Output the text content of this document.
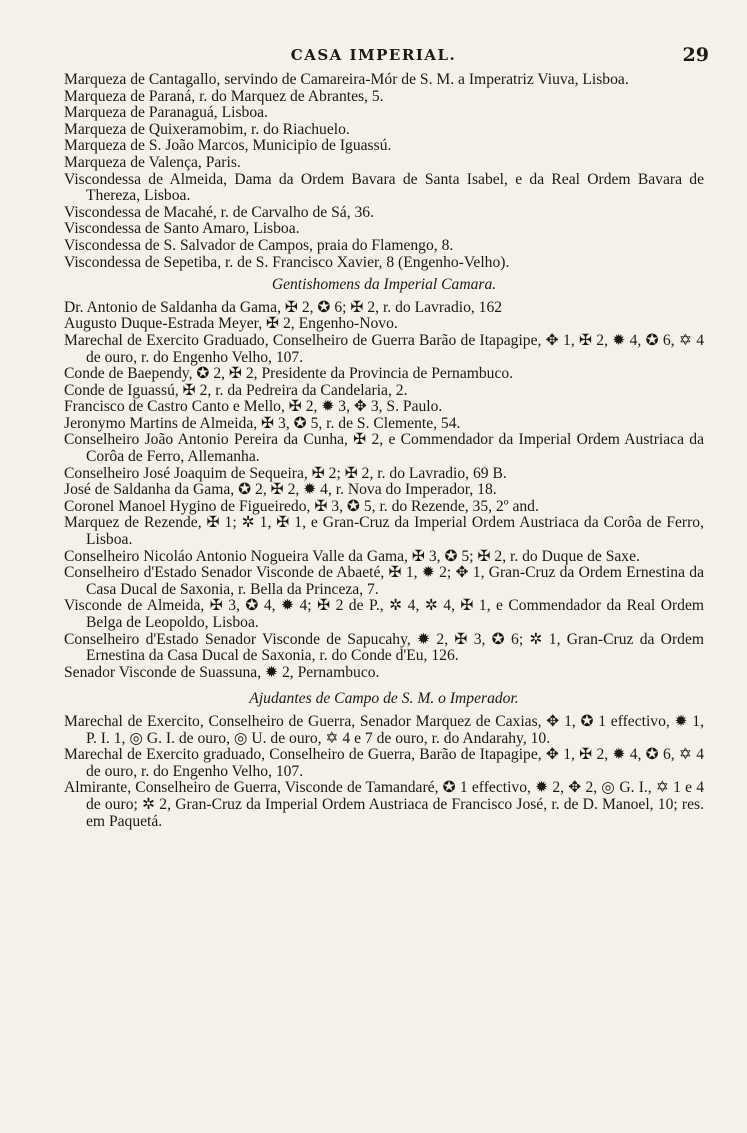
CASA IMPERIAL.	29
Marqueza de Cantagallo, servindo de Camareira-Mór de S. M. a Imperatriz Viuva, Lisboa.
Marqueza de Paraná, r. do Marquez de Abrantes, 5.
Marqueza de Paranaguá, Lisboa.
Marqueza de Quixeramobim, r. do Riachuelo.
Marqueza de S. João Marcos, Municipio de Iguassú.
Marqueza de Valença, Paris.
Viscondessa de Almeida, Dama da Ordem Bavara de Santa Isabel, e da Real Ordem Bavara de Thereza, Lisboa.
Viscondessa de Macahé, r. de Carvalho de Sá, 36.
Viscondessa de Santo Amaro, Lisboa.
Viscondessa de S. Salvador de Campos, praia do Flamengo, 8.
Viscondessa de Sepetiba, r. de S. Francisco Xavier, 8 (Engenho-Velho).
Gentishomens da Imperial Camara.
Dr. Antonio de Saldanha da Gama, ✠ 2, ✪ 6; ✠ 2, r. do Lavradio, 162
Augusto Duque-Estrada Meyer, ✠ 2, Engenho-Novo.
Marechal de Exercito Graduado, Conselheiro de Guerra Barão de Itapagipe, ✥ 1, ✠ 2, ✹ 4, ✪ 6, ✡ 4 de ouro, r. do Engenho Velho, 107.
Conde de Baependy, ✪ 2, ✠ 2, Presidente da Provincia de Pernambuco.
Conde de Iguassú, ✠ 2, r. da Pedreira da Candelaria, 2.
Francisco de Castro Canto e Mello, ✠ 2, ✹ 3, ✥ 3, S. Paulo.
Jeronymo Martins de Almeida, ✠ 3, ✪ 5, r. de S. Clemente, 54.
Conselheiro João Antonio Pereira da Cunha, ✠ 2, e Commendador da Imperial Ordem Austriaca da Corôa de Ferro, Allemanha.
Conselheiro José Joaquim de Sequeira, ✠ 2; ✠ 2, r. do Lavradio, 69 B.
José de Saldanha da Gama, ✪ 2, ✠ 2, ✹ 4, r. Nova do Imperador, 18.
Coronel Manoel Hygino de Figueiredo, ✠ 3, ✪ 5, r. do Rezende, 35, 2º and.
Marquez de Rezende, ✠ 1; ✲ 1, ✠ 1, e Gran-Cruz da Imperial Ordem Austriaca da Corôa de Ferro, Lisboa.
Conselheiro Nicoláo Antonio Nogueira Valle da Gama, ✠ 3, ✪ 5; ✠ 2, r. do Duque de Saxe.
Conselheiro d'Estado Senador Visconde de Abaeté, ✠ 1, ✹ 2; ✥ 1, Gran-Cruz da Ordem Ernestina da Casa Ducal de Saxonia, r. Bella da Princeza, 7.
Visconde de Almeida, ✠ 3, ✪ 4, ✹ 4; ✠ 2 de P., ✲ 4, ✲ 4, ✠ 1, e Commendador da Real Ordem Belga de Leopoldo, Lisboa.
Conselheiro d'Estado Senador Visconde de Sapucahy, ✹ 2, ✠ 3, ✪ 6; ✲ 1, Gran-Cruz da Ordem Ernestina da Casa Ducal de Saxonia, r. do Conde d'Eu, 126.
Senador Visconde de Suassuna, ✹ 2, Pernambuco.
Ajudantes de Campo de S. M. o Imperador.
Marechal de Exercito, Conselheiro de Guerra, Senador Marquez de Caxias, ✥ 1, ✪ 1 effectivo, ✹ 1, P. I. 1, ◎ G. I. de ouro, ◎ U. de ouro, ✡ 4 e 7 de ouro, r. do Andarahy, 10.
Marechal de Exercito graduado, Conselheiro de Guerra, Barão de Itapagipe, ✥ 1, ✠ 2, ✹ 4, ✪ 6, ✡ 4 de ouro, r. do Engenho Velho, 107.
Almirante, Conselheiro de Guerra, Visconde de Tamandaré, ✪ 1 effectivo, ✹ 2, ✥ 2, ◎ G. I., ✡ 1 e 4 de ouro; ✲ 2, Gran-Cruz da Imperial Ordem Austriaca de Francisco José, r. de D. Manoel, 10; res. em Paquetá.
